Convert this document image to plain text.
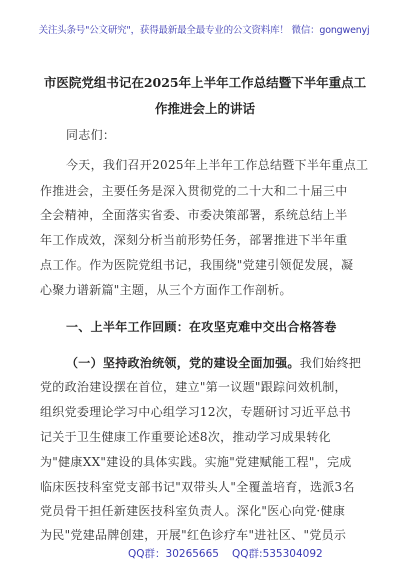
关注头条号"公文研究"，获得最新最全最专业的公文资料库！ 微信：gongwenyj
市医院党组书记在2025年上半年工作总结暨下半年重点工
作推进会上的讲话
同志们：
今天，我们召开2025年上半年工作总结暨下半年重点工
作推进会，主要任务是深入贯彻党的二十大和二十届三中
全会精神，全面落实省委、市委决策部署，系统总结上半
年工作成效，深刻分析当前形势任务，部署推进下半年重
点工作。作为医院党组书记，我围绕"党建引领促发展，凝
心聚力谱新篇"主题，从三个方面作工作剖析。
一、上半年工作回顾：在攻坚克难中交出合格答卷
（一）坚持政治统领，党的建设全面加强。我们始终把
党的政治建设摆在首位，建立"第一议题"跟踪问效机制，
组织党委理论学习中心组学习12次，专题研讨习近平总书
记关于卫生健康工作重要论述8次，推动学习成果转化
为"健康XX"建设的具体实践。实施"党建赋能工程"，完成
临床医技科室党支部书记"双带头人"全覆盖培育，选派3名
党员骨干担任新建医技科室负责人。深化"医心向党·健康
为民"党建品牌创建，开展"红色诊疗车"进社区、"党员示
QQ群：30265665 QQ群:535304092
